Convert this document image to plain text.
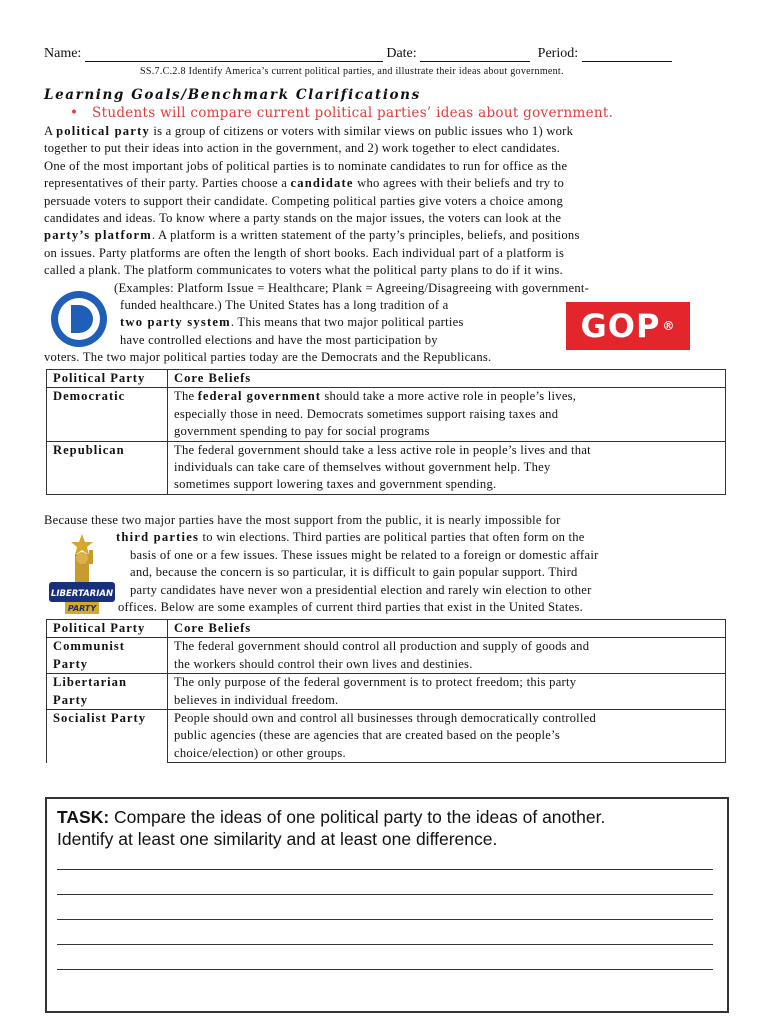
Name:	Date:	Period:
SS.7.C.2.8 Identify America’s current political parties, and illustrate their ideas about government.
Learning Goals/Benchmark Clarifications
•   Students will compare current political parties’ ideas about government.
A political party is a group of citizens or voters with similar views on public issues who 1) work
together to put their ideas into action in the government, and 2) work together to elect candidates.
One of the most important jobs of political parties is to nominate candidates to run for office as the
representatives of their party. Parties choose a candidate who agrees with their beliefs and try to
persuade voters to support their candidate. Competing political parties give voters a choice among
candidates and ideas. To know where a party stands on the major issues, the voters can look at the
party’s platform. A platform is a written statement of the party’s principles, beliefs, and positions
on issues. Party platforms are often the length of short books. Each individual part of a platform is
called a plank. The platform communicates to voters what the political party plans to do if it wins.
(Examples: Platform Issue = Healthcare; Plank = Agreeing/Disagreeing with government-
funded healthcare.) The United States has a long tradition of a
two party system. This means that two major political parties
have controlled elections and have the most participation by
voters. The two major political parties today are the Democrats and the Republicans.
GOP ®
Political Party	Core Beliefs
Democratic	The federal government should take a more active role in people’s lives,
especially those in need. Democrats sometimes support raising taxes and
government spending to pay for social programs

Republican	The federal government should take a less active role in people’s lives and that
individuals can take care of themselves without government help. They
sometimes support lowering taxes and government spending.
Because these two major parties have the most support from the public, it is nearly impossible for
third parties to win elections. Third parties are political parties that often form on the
basis of one or a few issues. These issues might be related to a foreign or domestic affair
and, because the concern is so particular, it is difficult to gain popular support. Third
party candidates have never won a presidential election and rarely win election to other
offices. Below are some examples of current third parties that exist in the United States.
LIBERTARIAN
PARTY
Political Party	Core Beliefs
Communist Party	The federal government should control all production and supply of goods and
the workers should control their own lives and destinies.

Libertarian Party	The only purpose of the federal government is to protect freedom; this party
believes in individual freedom.

Socialist Party	People should own and control all businesses through democratically controlled
public agencies (these are agencies that are created based on the people’s
choice/election) or other groups.
TASK: Compare the ideas of one political party to the ideas of another.
Identify at least one similarity and at least one difference.
